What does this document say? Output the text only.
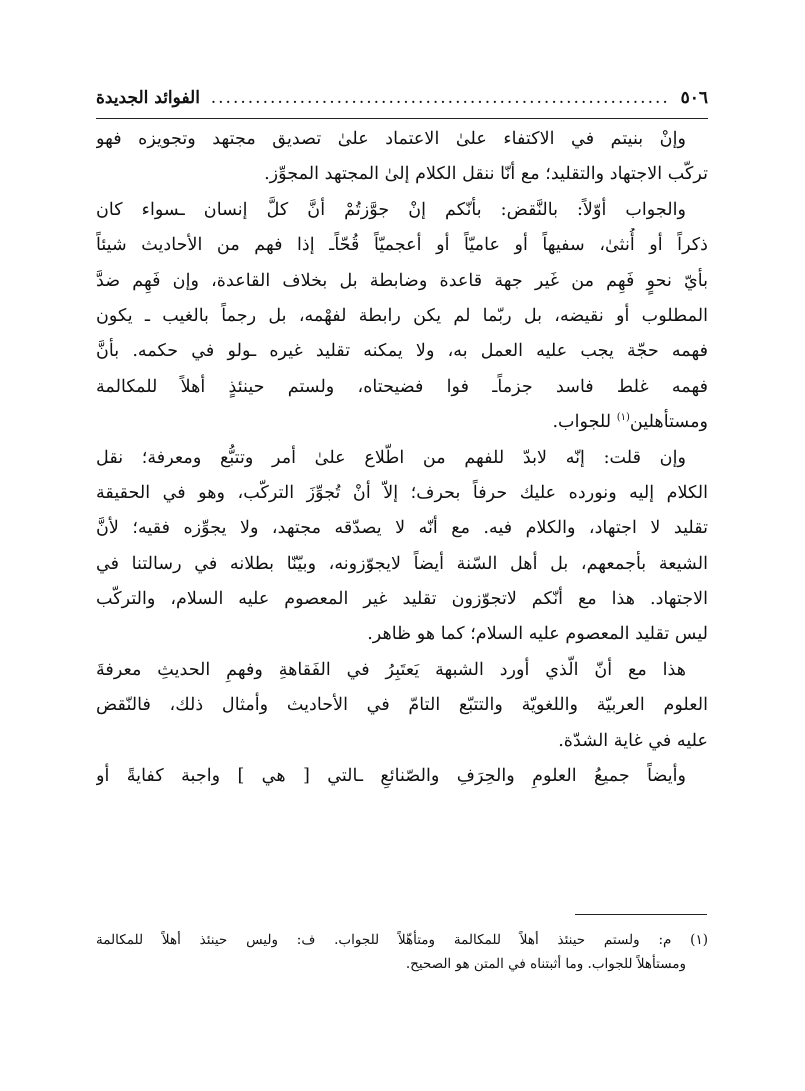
٥٠٦
..............................................................
الفوائد الجديدة
وإنْ بنيتم في الاكتفاء علىٰ الاعتماد علىٰ تصديق مجتهد وتجويزه فهو
تركّب الاجتهاد والتقليد؛ مع أنّا ننقل الكلام إلىٰ المجتهد المجوِّز.
والجواب أوّلاً: بالنَّقض: بأنّكم إنْ جوَّزتُمْ أنَّ كلَّ إنسان ـسواء كان
ذكراً أو أُنثىٰ، سفيهاً أو عاميّاً أو أعجميّاً قُحّاًـ إذا فهم من الأحاديث شيئاً
بأيّ نحوٍ فَهِم من غَير جهة قاعدة وضابطة بل بخلاف القاعدة، وإن فَهِم ضدَّ
المطلوب أو نقيضه، بل ربّما لم يكن رابطة لفهْمه، بل رجماً بالغيب ـ يكون
فهمه حجّة يجب عليه العمل به، ولا يمكنه تقليد غيره ـولو في حكمه. بأنَّ
فهمه غلط فاسد جزماًـ فوا فضيحتاه، ولستم حينئذٍ أهلاً للمكالمة
ومستأهلين$^{(١)}$ للجواب.
وإن قلت: إنّه لابدّ للفهم من اطّلاع علىٰ أمر وتتبُّع ومعرفة؛ نقل
الكلام إليه ونورده عليك حرفاً بحرف؛ إلاّ أنْ تُجوِّزَ التركّب، وهو في الحقيقة
تقليد لا اجتهاد، والكلام فيه. مع أنّه لا يصدّقه مجتهد، ولا يجوِّزه فقيه؛ لأنَّ
الشيعة بأجمعهم، بل أهل السّنة أيضاً لايجوّزونه، وبيّنّا بطلانه في رسالتنا في
الاجتهاد. هذا مع أنّكم لاتجوّزون تقليد غير المعصوم عليه السلام، والتركّب
ليس تقليد المعصوم عليه السلام؛ كما هو ظاهر.
هذا مع أنّ الّذي أورد الشبهة يَعتَبِرُ في الفَقاهةِ وفهمِ الحديثِ معرفةَ
العلوم العربيّة واللغويّة والتتبّع التامّ في الأحاديث وأمثال ذلك، فالنّقض
عليه في غاية الشدّة.
وأيضاً جميعُ العلومِ والحِرَفِ والصّنائعِ ـالتي [ هي ] واجبة كفايةً أو
(١) م: ولستم حينئذ أهلاً للمكالمة ومتأهّلاً للجواب. ف: وليس حينئذ أهلاً للمكالمة
ومستأهلاً للجواب. وما أثبتناه في المتن هو الصحيح.
